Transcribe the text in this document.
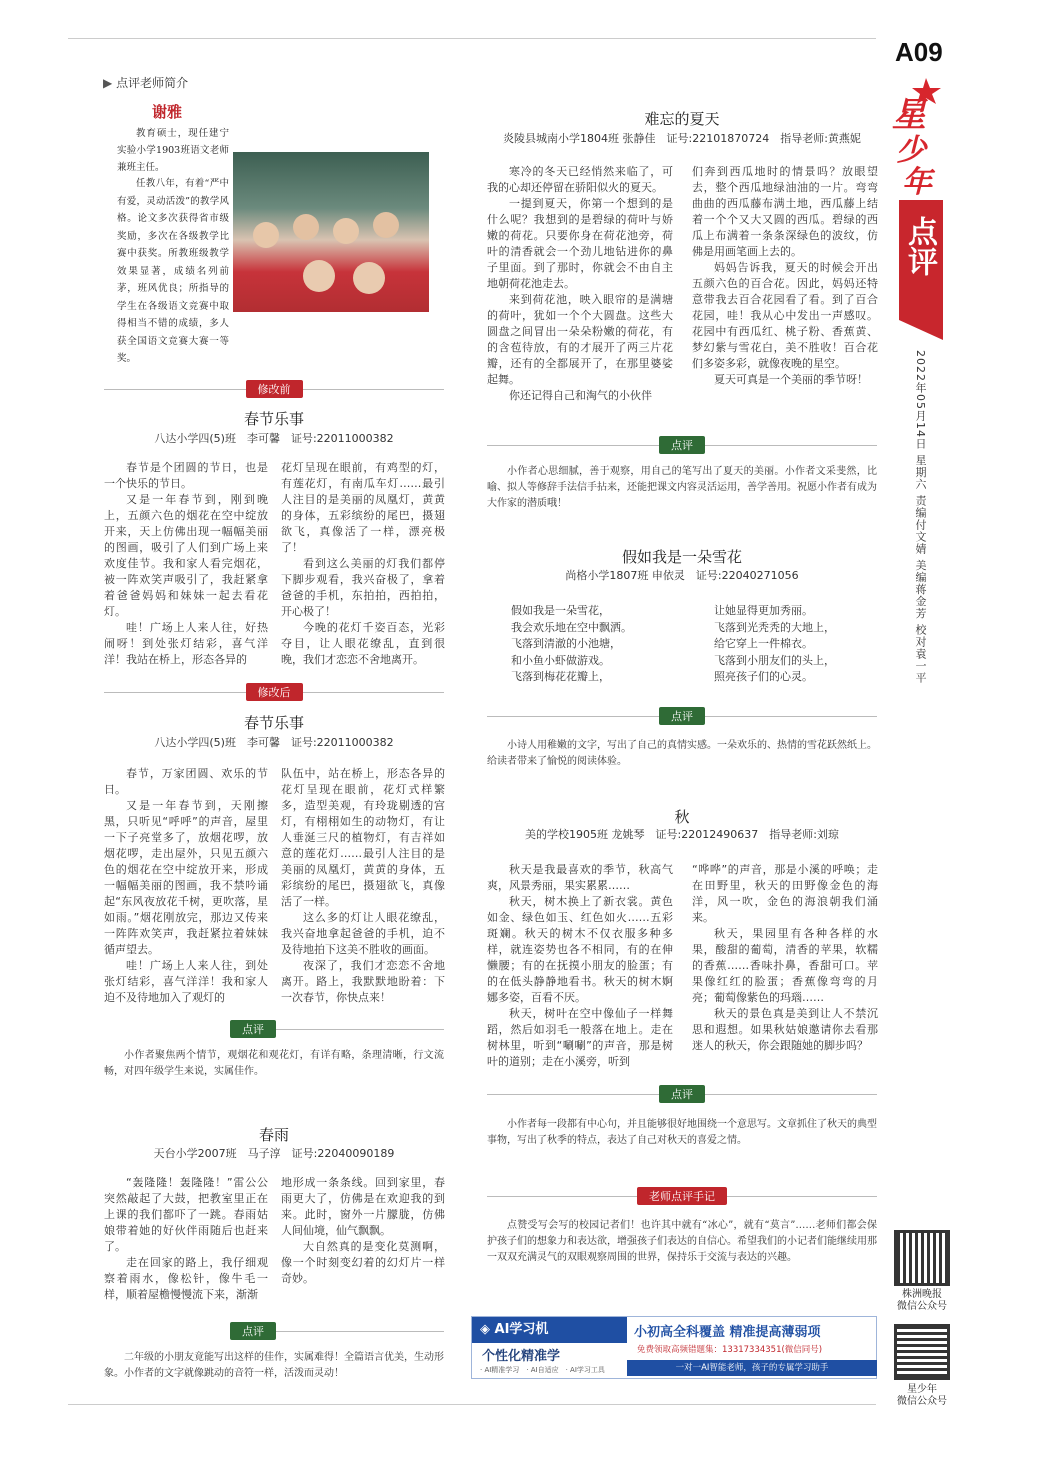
A09
星
少
年
点评
2022年05月14日 星期六 责编付文婧 美编蒋金芳 校对袁一平
株洲晚报
微信公众号
星少年
微信公众号
▶ 点评老师简介
谢雅
教育硕士，现任建宁实验小学1903班语文老师兼班主任。
任教八年，有着“严中有爱，灵动活泼”的教学风格。论文多次获得省市级奖励，多次在各级教学比赛中获奖。所教班级教学效果显著，成绩名列前茅，班风优良；所指导的学生在各级语文竞赛中取得相当不错的成绩，多人获全国语文竞赛大赛一等奖。
修改前
春节乐事
八达小学四(5)班　李可馨　证号:22011000382

春节是个团圆的节日，也是一个快乐的节日。

又是一年春节到，刚到晚上，五颜六色的烟花在空中绽放开来，天上仿佛出现一幅幅美丽的图画，吸引了人们到广场上来欢度佳节。我和家人看完烟花，被一阵欢笑声吸引了，我赶紧拿着爸爸妈妈和妹妹一起去看花灯。

哇！广场上人来人往，好热闹呀！到处张灯结彩，喜气洋洋！我站在桥上，形态各异的

花灯呈现在眼前，有鸡型的灯，有莲花灯，有南瓜车灯……最引人注目的是美丽的凤凰灯，黄黄的身体，五彩缤纷的尾巴，摄翅欲飞，真像活了一样，漂亮极了！

看到这么美丽的灯我们都停下脚步观看，我兴奋极了，拿着爸爸的手机，东拍拍，西拍拍，开心极了！

今晚的花灯千姿百态，光彩夺目，让人眼花缭乱，直到很晚，我们才恋恋不舍地离开。

修改后
春节乐事
八达小学四(5)班　李可馨　证号:22011000382

春节，万家团圆、欢乐的节日。

又是一年春节到，天刚擦黑，只听见“呼呼”的声音，屋里一下子亮堂多了，放烟花啰，放烟花啰，走出屋外，只见五颜六色的烟花在空中绽放开来，形成一幅幅美丽的图画，我不禁吟诵起“东风夜放花千树，更吹落，星如雨。”烟花刚放完，那边又传来一阵阵欢笑声，我赶紧拉着妹妹循声望去。

哇！广场上人来人往，到处张灯结彩，喜气洋洋！我和家人迫不及待地加入了观灯的

队伍中，站在桥上，形态各异的花灯呈现在眼前，花灯式样繁多，造型美观，有玲珑剔透的宫灯，有栩栩如生的动物灯，有让人垂涎三尺的植物灯，有吉祥如意的莲花灯……最引人注目的是美丽的凤凰灯，黄黄的身体，五彩缤纷的尾巴，摄翅欲飞，真像活了一样。

这么多的灯让人眼花缭乱，我兴奋地拿起爸爸的手机，迫不及待地拍下这美不胜收的画面。

夜深了，我们才恋恋不舍地离开。路上，我默默地盼着：下一次春节，你快点来！

点评
小作者聚焦两个情节，观烟花和观花灯，有详有略，条理清晰，行文流畅，对四年级学生来说，实属佳作。
春雨
天台小学2007班　马子淳　证号:22040090189

“轰隆隆！轰隆隆！”雷公公突然敲起了大鼓，把教室里正在上课的我们都吓了一跳。春雨姑娘带着她的好伙伴雨随后也赶来了。

走在回家的路上，我仔细观察着雨水，像松针，像牛毛一样，顺着屋檐慢慢流下来，渐渐

地形成一条条线。回到家里，春雨更大了，仿佛是在欢迎我的到来。此时，窗外一片朦胧，仿佛人间仙境，仙气飘飘。

大自然真的是变化莫测啊，像一个时刻变幻着的幻灯片一样奇妙。

点评
二年级的小朋友竟能写出这样的佳作，实属难得！全篇语言优美，生动形象。小作者的文字就像跳动的音符一样，活泼而灵动！
难忘的夏天
炎陵县城南小学1804班 张静佳　证号:22101870724　指导老师:黄燕妮

寒冷的冬天已经悄然来临了，可我的心却还停留在骄阳似火的夏天。

一提到夏天，你第一个想到的是什么呢？我想到的是碧绿的荷叶与娇嫩的荷花。只要你身在荷花池旁，荷叶的清香就会一个劲儿地钻进你的鼻子里面。到了那时，你就会不由自主地朝荷花池走去。

来到荷花池，映入眼帘的是满塘的荷叶，犹如一个个大圆盘。这些大圆盘之间冒出一朵朵粉嫩的荷花，有的含苞待放，有的才展开了两三片花瓣，还有的全都展开了，在那里婆娑起舞。

你还记得自己和淘气的小伙伴

们奔到西瓜地时的情景吗？放眼望去，整个西瓜地绿油油的一片。弯弯曲曲的西瓜藤布满土地，西瓜藤上结着一个个又大又圆的西瓜。碧绿的西瓜上布满着一条条深绿色的波纹，仿佛是用画笔画上去的。

妈妈告诉我，夏天的时候会开出五颜六色的百合花。因此，妈妈还特意带我去百合花园看了看。到了百合花园，哇！我从心中发出一声感叹。花园中有西瓜红、桃子粉、香蕉黄、梦幻紫与雪花白，美不胜收！百合花们多姿多彩，就像夜晚的星空。

夏天可真是一个美丽的季节呀！

点评
小作者心思细腻，善于观察，用自己的笔写出了夏天的美丽。小作者文采斐然，比喻、拟人等修辞手法信手拈来，还能把课文内容灵活运用，善学善用。祝愿小作者有成为大作家的潜质哦！
假如我是一朵雪花
尚格小学1807班 申依灵　证号:22040271056
假如我是一朵雪花，
我会欢乐地在空中飘洒。
飞落到清澈的小池塘，
和小鱼小虾做游戏。
飞落到梅花花瓣上，
让她显得更加秀丽。
飞落到光秃秃的大地上，
给它穿上一件棉衣。
飞落到小朋友们的头上，
照亮孩子们的心灵。
点评
小诗人用稚嫩的文字，写出了自己的真情实感。一朵欢乐的、热情的雪花跃然纸上。给读者带来了愉悦的阅读体验。
秋
美的学校1905班 龙姚琴　证号:22012490637　指导老师:刘琼

秋天是我最喜欢的季节，秋高气爽，风景秀丽，果实累累……

秋天，树木换上了新衣裳。黄色如金、绿色如玉、红色如火……五彩斑斓。秋天的树木不仅衣服多种多样，就连姿势也各不相同，有的在伸懒腰；有的在抚摸小朋友的脸蛋；有的在低头静静地看书。秋天的树木婀娜多姿，百看不厌。

秋天，树叶在空中像仙子一样舞蹈，然后如羽毛一般落在地上。走在树林里，听到“唰唰”的声音，那是树叶的道别；走在小溪旁，听到

“哗哗”的声音，那是小溪的呼唤；走在田野里，秋天的田野像金色的海洋，风一吹，金色的海浪朝我们涌来。

秋天，果园里有各种各样的水果，酸甜的葡萄，清香的苹果，软糯的香蕉……香味扑鼻，香甜可口。苹果像红红的脸蛋；香蕉像弯弯的月亮；葡萄像紫色的玛瑙……

秋天的景色真是美到让人不禁沉思和遐想。如果秋姑娘邀请你去看那迷人的秋天，你会跟随她的脚步吗？

点评
小作者每一段都有中心句，并且能够很好地围绕一个意思写。文章抓住了秋天的典型事物，写出了秋季的特点，表达了自己对秋天的喜爱之情。
老师点评手记
点赞受写会写的校园记者们！也许其中就有“冰心”，就有“莫言”……老师们都会保护孩子们的想象力和表达欲，增强孩子们表达的自信心。希望我们的小记者们能继续用那一双双充满灵气的双眼观察周围的世界，保持乐于交流与表达的兴趣。
◈ AI学习机
个性化精准学
· AI精准学习　· AI自适应　· AI学习工具
小初高全科覆盖 精准提高薄弱项
免费领取高频错题集：13317334351(微信同号)
一对一AI智能老师，孩子的专属学习助手
